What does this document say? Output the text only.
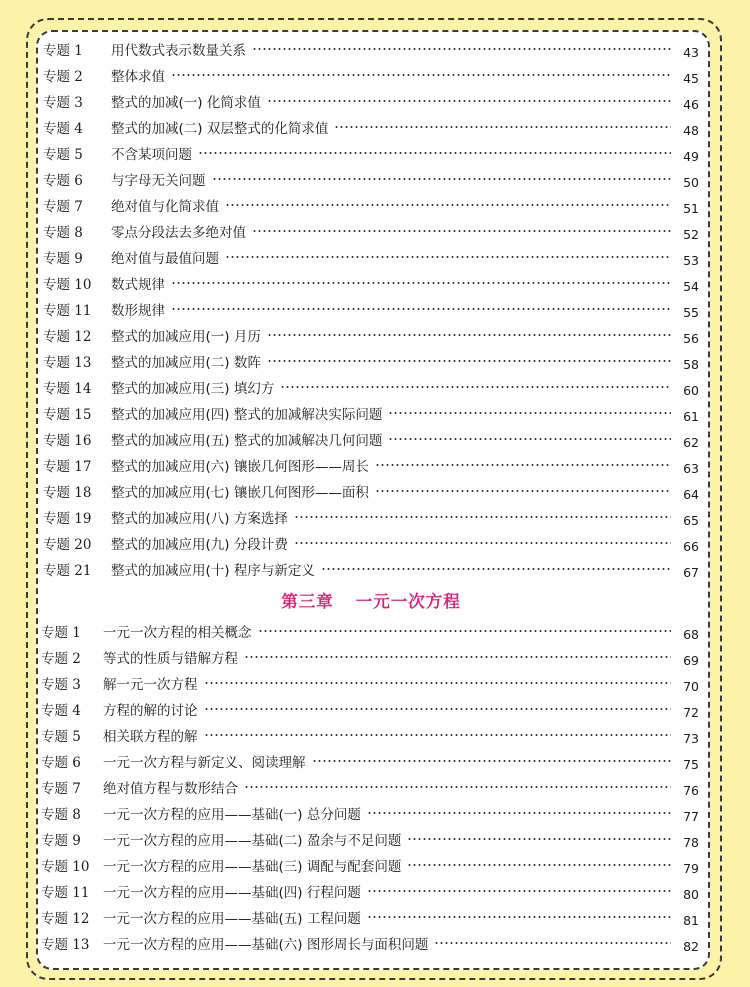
专题 1	用代数式表示数量关系	43
专题 2	整体求值	45
专题 3	整式的加减(一) 化简求值	46
专题 4	整式的加减(二) 双层整式的化简求值	48
专题 5	不含某项问题	49
专题 6	与字母无关问题	50
专题 7	绝对值与化简求值	51
专题 8	零点分段法去多绝对值	52
专题 9	绝对值与最值问题	53
专题 10	数式规律	54
专题 11	数形规律	55
专题 12	整式的加减应用(一) 月历	56
专题 13	整式的加减应用(二) 数阵	58
专题 14	整式的加减应用(三) 填幻方	60
专题 15	整式的加减应用(四) 整式的加减解决实际问题	61
专题 16	整式的加减应用(五) 整式的加减解决几何问题	62
专题 17	整式的加减应用(六) 镶嵌几何图形——周长	63
专题 18	整式的加减应用(七) 镶嵌几何图形——面积	64
专题 19	整式的加减应用(八) 方案选择	65
专题 20	整式的加减应用(九) 分段计费	66
专题 21	整式的加减应用(十) 程序与新定义	67
第三章 一元一次方程
专题 1	一元一次方程的相关概念	68
专题 2	等式的性质与错解方程	69
专题 3	解一元一次方程	70
专题 4	方程的解的讨论	72
专题 5	相关联方程的解	73
专题 6	一元一次方程与新定义、阅读理解	75
专题 7	绝对值方程与数形结合	76
专题 8	一元一次方程的应用——基础(一) 总分问题	77
专题 9	一元一次方程的应用——基础(二) 盈余与不足问题	78
专题 10	一元一次方程的应用——基础(三) 调配与配套问题	79
专题 11	一元一次方程的应用——基础(四) 行程问题	80
专题 12	一元一次方程的应用——基础(五) 工程问题	81
专题 13	一元一次方程的应用——基础(六) 图形周长与面积问题	82
